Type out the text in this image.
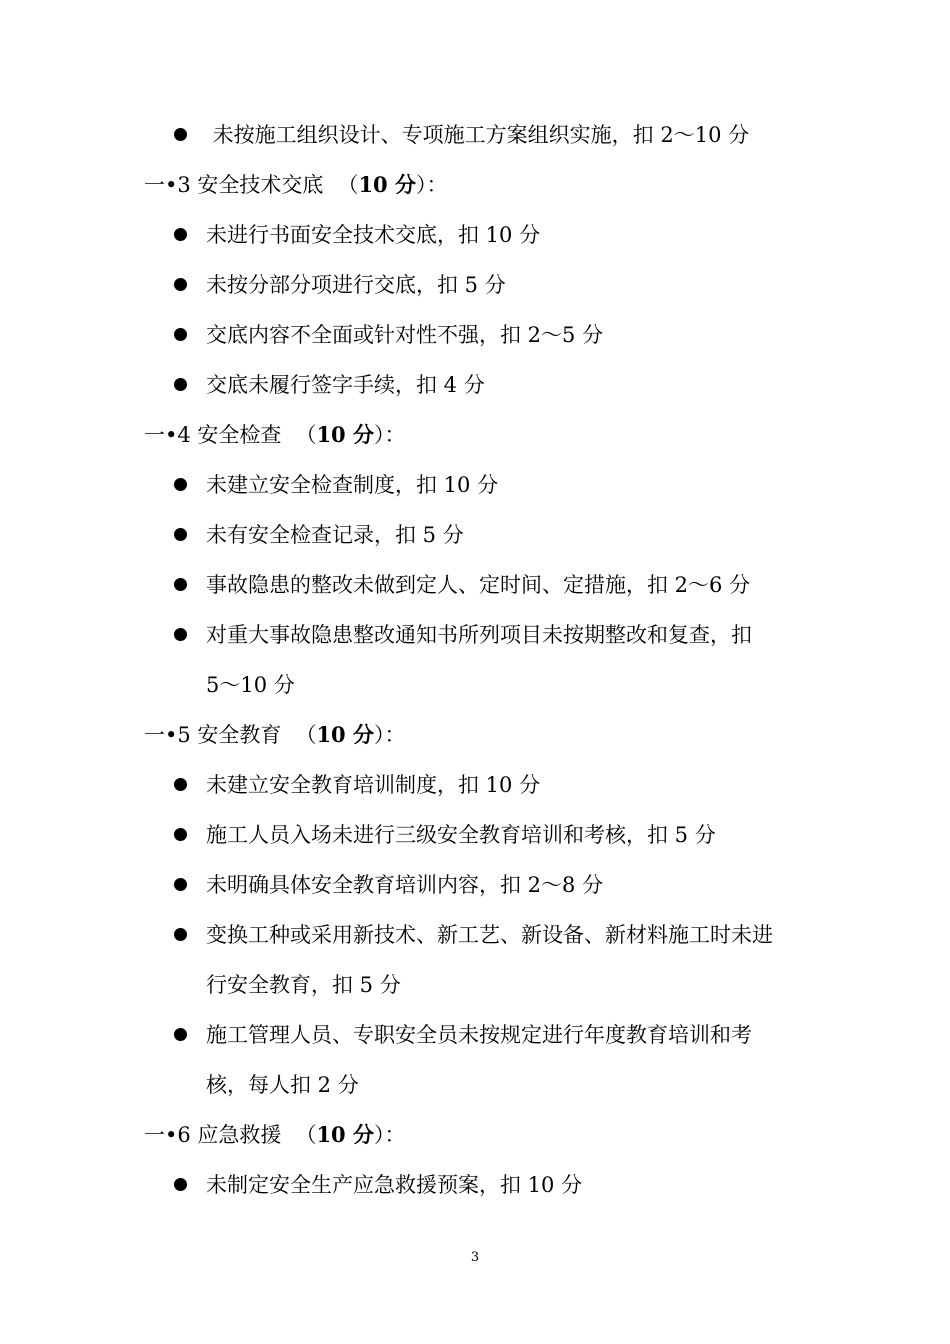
未按施工组织设计、专项施工方案组织实施，扣 2～10 分
一•3 安全技术交底 （10 分）：
未进行书面安全技术交底，扣 10 分
未按分部分项进行交底，扣 5 分
交底内容不全面或针对性不强，扣 2～5 分
交底未履行签字手续，扣 4 分
一•4 安全检查 （10 分）：
未建立安全检查制度，扣 10 分
未有安全检查记录，扣 5 分
事故隐患的整改未做到定人、定时间、定措施，扣 2～6 分
对重大事故隐患整改通知书所列项目未按期整改和复查，扣
5～10 分
一•5 安全教育 （10 分）：
未建立安全教育培训制度，扣 10 分
施工人员入场未进行三级安全教育培训和考核，扣 5 分
未明确具体安全教育培训内容，扣 2～8 分
变换工种或采用新技术、新工艺、新设备、新材料施工时未进
行安全教育，扣 5 分
施工管理人员、专职安全员未按规定进行年度教育培训和考
核，每人扣 2 分
一•6 应急救援 （10 分）：
未制定安全生产应急救援预案，扣 10 分
3
